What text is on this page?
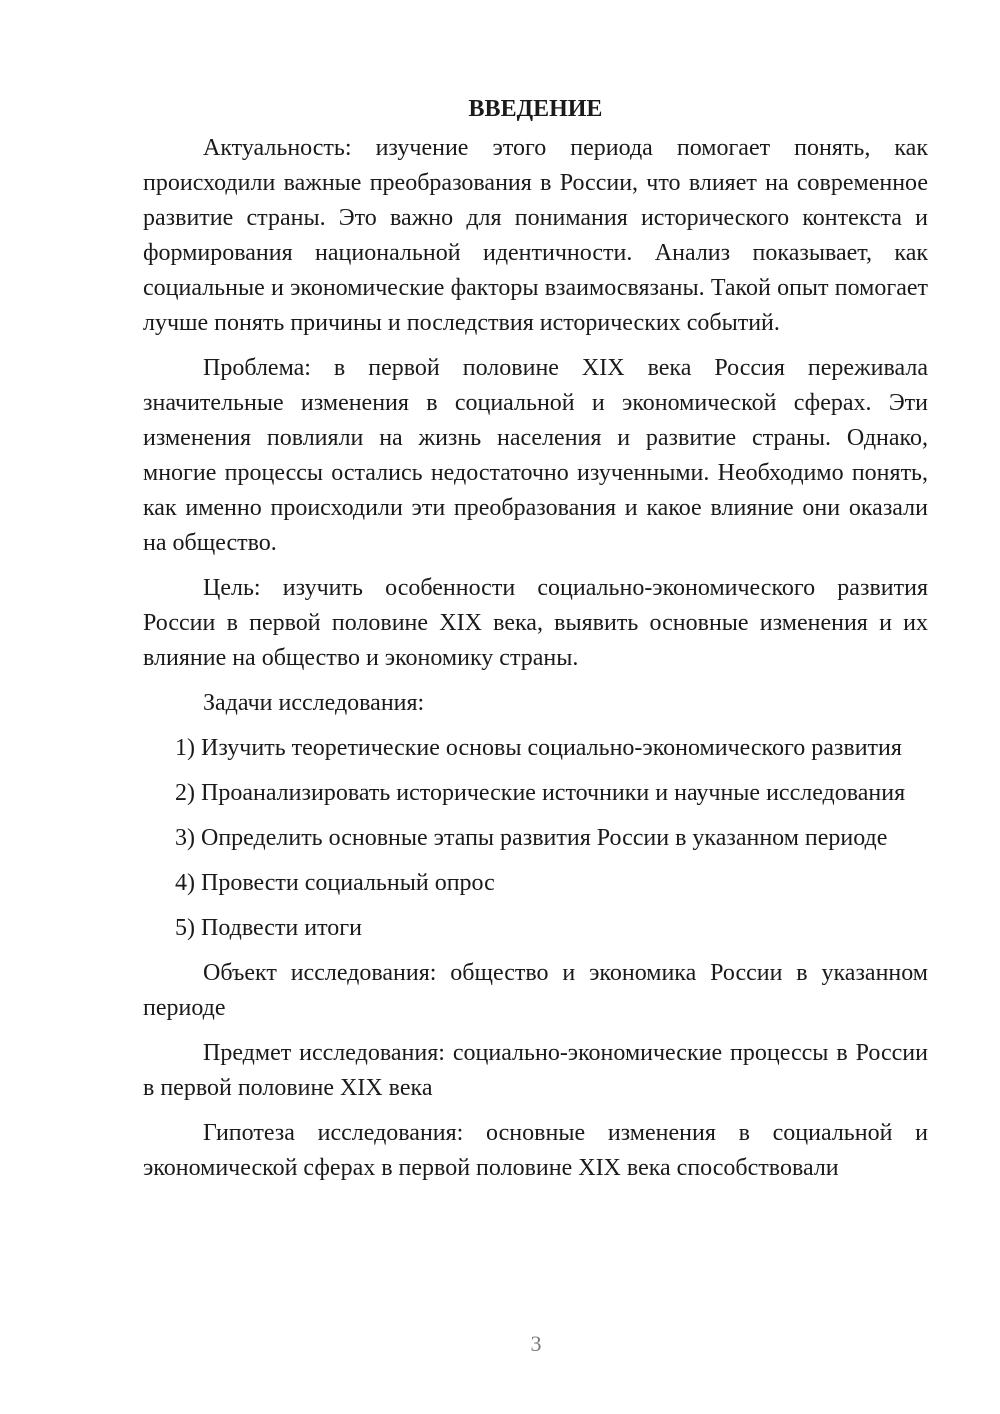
ВВЕДЕНИЕ

Актуальность: изучение этого периода помогает понять, как происходили важные преобразования в России, что влияет на современное развитие страны. Это важно для понимания исторического контекста и формирования национальной идентичности. Анализ показывает, как социальные и экономические факторы взаимосвязаны. Такой опыт помогает лучше понять причины и последствия исторических событий.

Проблема: в первой половине XIX века Россия переживала значительные изменения в социальной и экономической сферах. Эти изменения повлияли на жизнь населения и развитие страны. Однако, многие процессы остались недостаточно изученными. Необходимо понять, как именно происходили эти преобразования и какое влияние они оказали на общество.

Цель: изучить особенности социально-экономического развития России в первой половине XIX века, выявить основные изменения и их влияние на общество и экономику страны.

Задачи исследования:

1) Изучить теоретические основы социально-экономического развития

2) Проанализировать исторические источники и научные исследования

3) Определить основные этапы развития России в указанном периоде

4) Провести социальный опрос

5) Подвести итоги

Объект исследования: общество и экономика России в указанном периоде

Предмет исследования: социально-экономические процессы в России в первой половине XIX века

Гипотеза исследования: основные изменения в социальной и экономической сферах в первой половине XIX века способствовали

3
